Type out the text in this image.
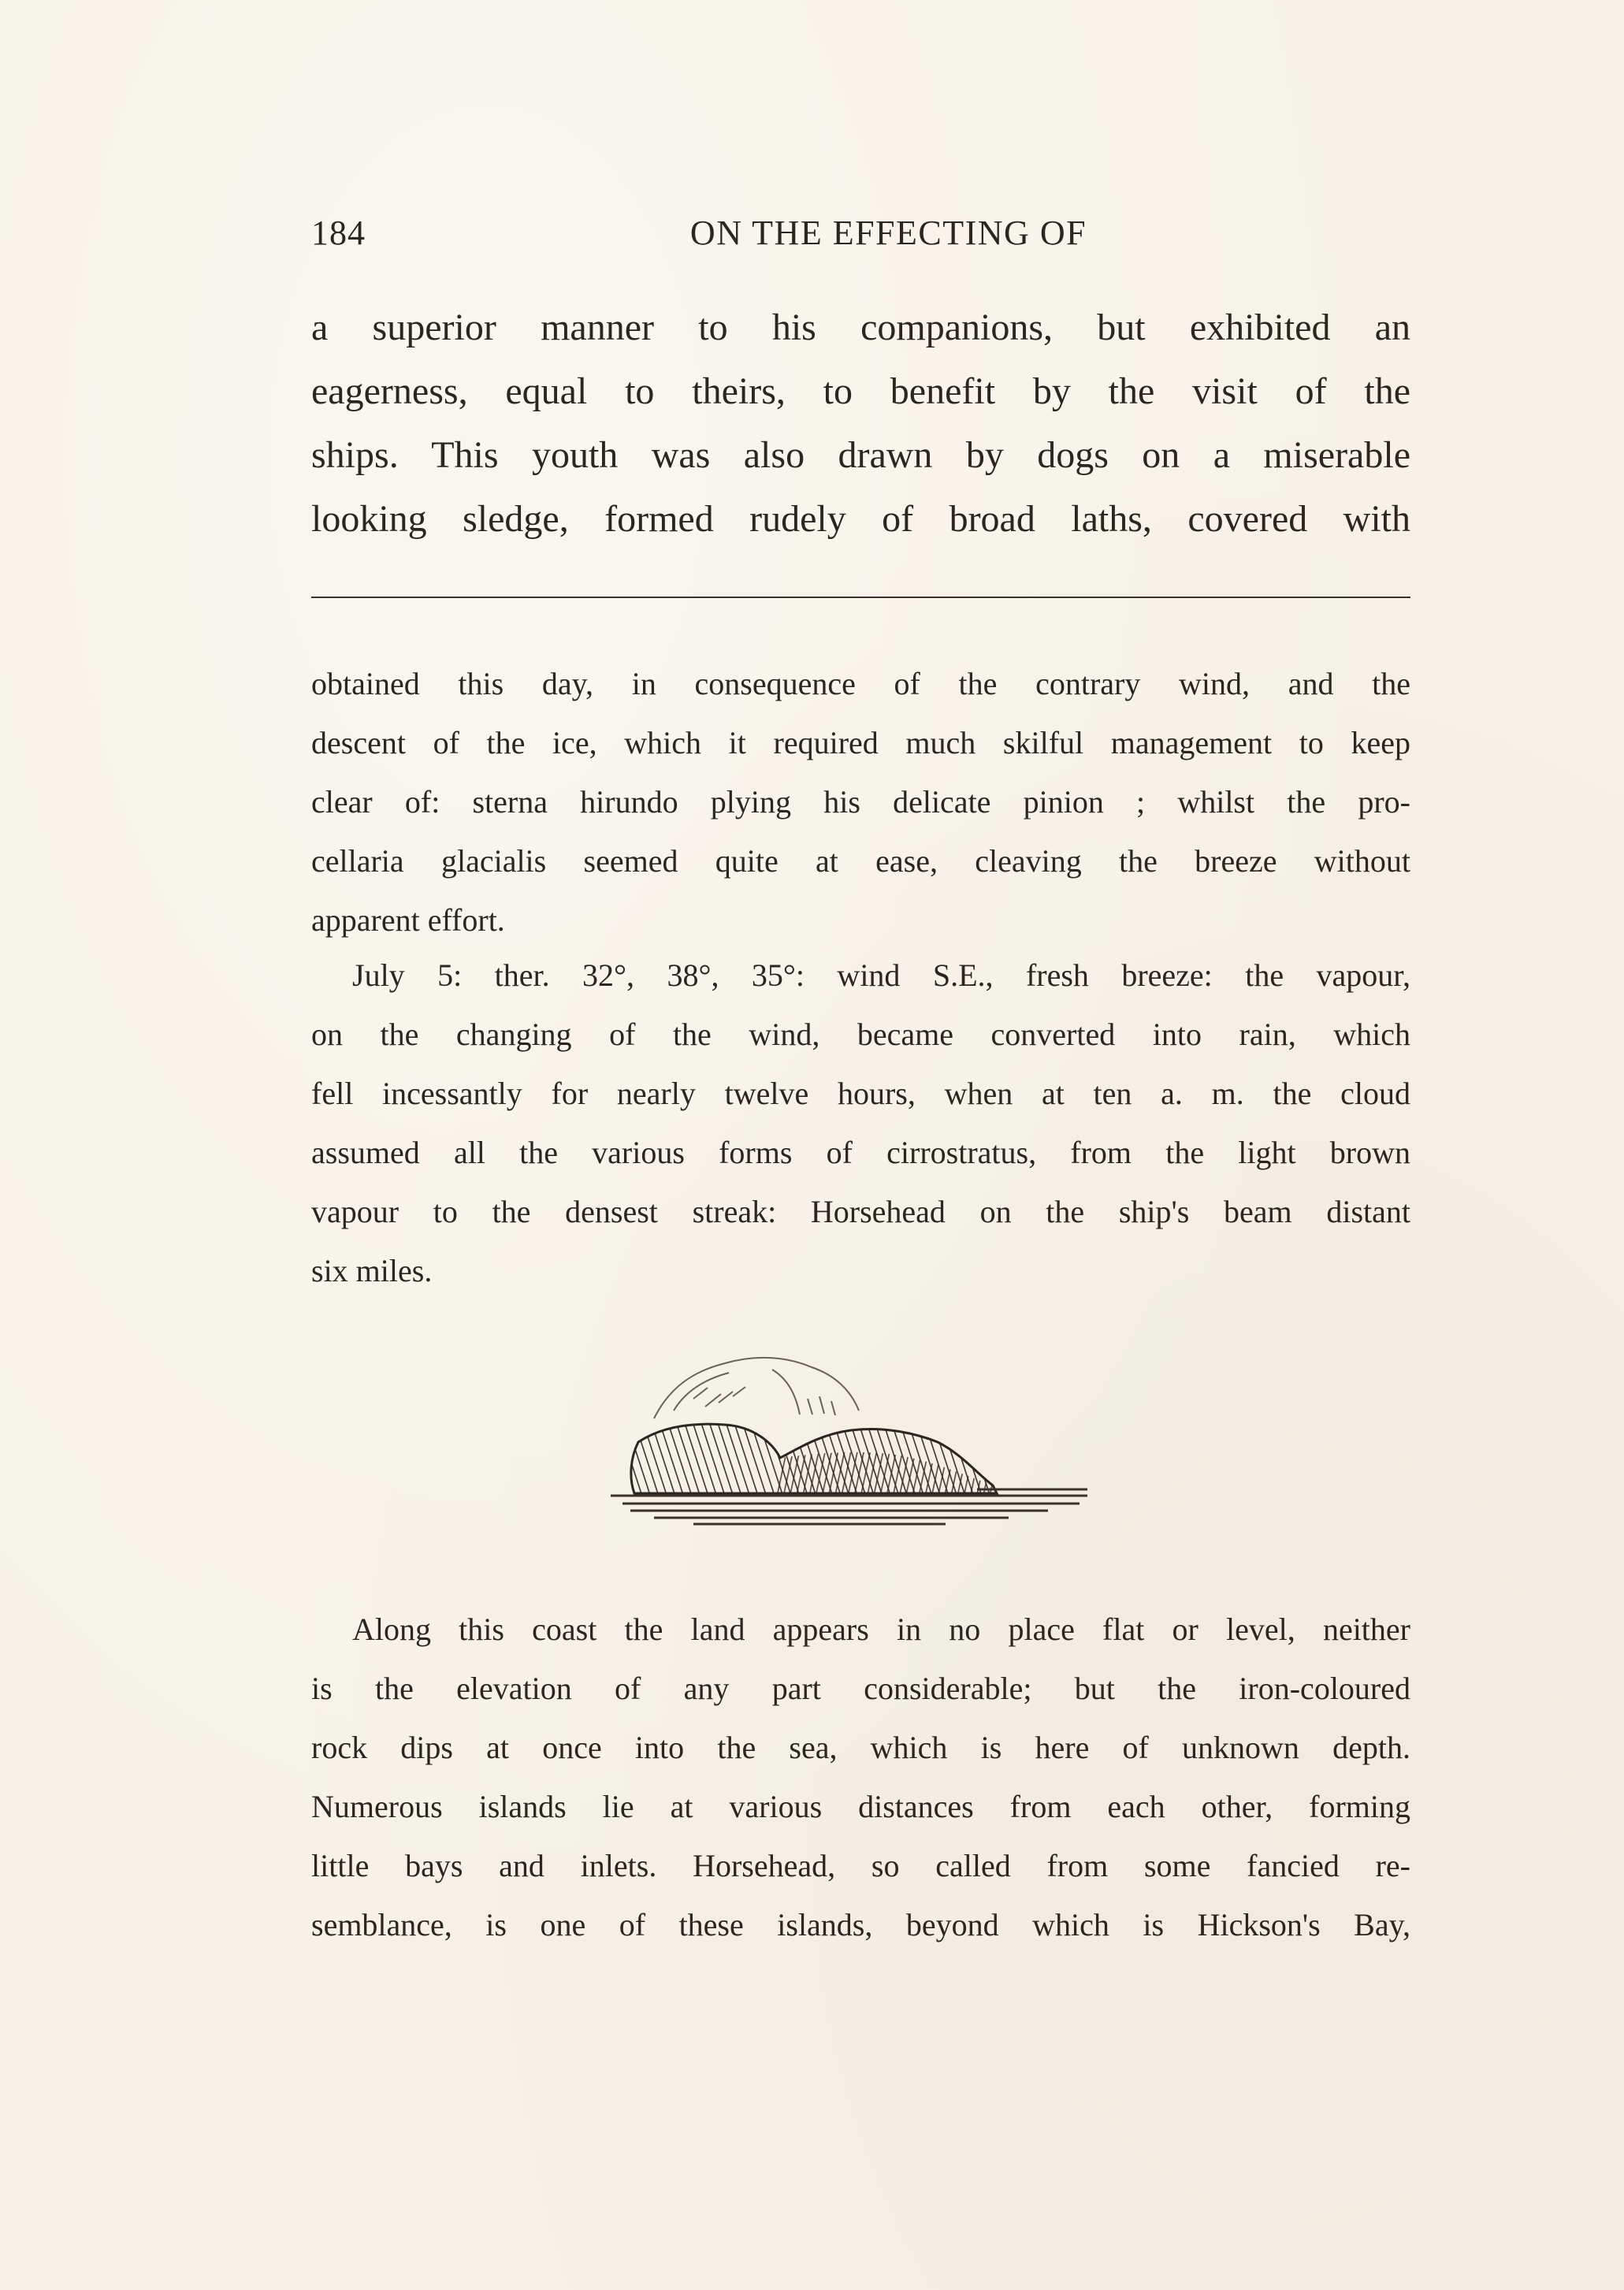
184	ON THE EFFECTING OF
a superior manner to his companions, but exhibited an
eagerness, equal to theirs, to benefit by the visit of the
ships. This youth was also drawn by dogs on a miserable
looking sledge, formed rudely of broad laths, covered with
obtained this day, in consequence of the contrary wind, and the
descent of the ice, which it required much skilful management to keep
clear of: sterna hirundo plying his delicate pinion ; whilst the pro-
cellaria glacialis seemed quite at ease, cleaving the breeze without
apparent effort.
July 5: ther. 32°, 38°, 35°: wind S.E., fresh breeze: the vapour,
on the changing of the wind, became converted into rain, which
fell incessantly for nearly twelve hours, when at ten a. m. the cloud
assumed all the various forms of cirrostratus, from the light brown
vapour to the densest streak: Horsehead on the ship's beam distant
six miles.
Along this coast the land appears in no place flat or level, neither
is the elevation of any part considerable; but the iron-coloured
rock dips at once into the sea, which is here of unknown depth.
Numerous islands lie at various distances from each other, forming
little bays and inlets. Horsehead, so called from some fancied re-
semblance, is one of these islands, beyond which is Hickson's Bay,
